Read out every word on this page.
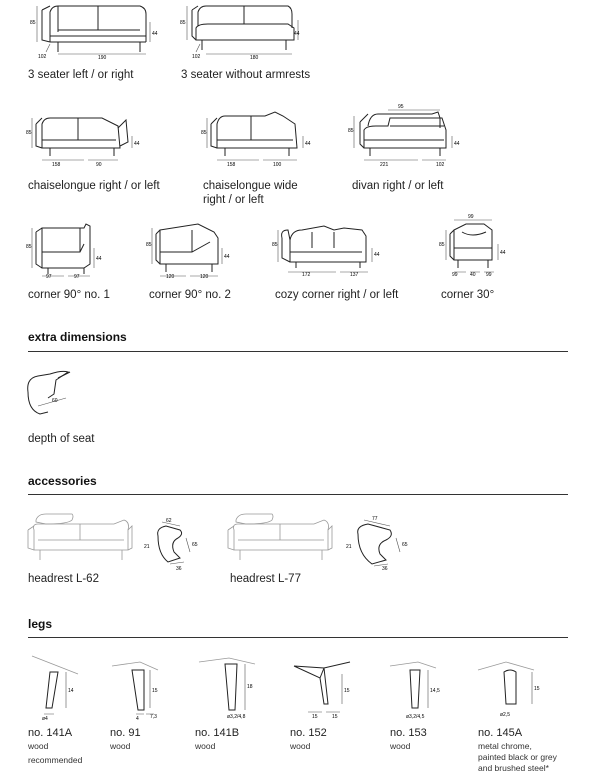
85
102	190
44
3 seater left / or right
85
102	180
44
3 seater without armrests
85
158	90
44
chaiselongue right / or left
85
158	100
44
chaiselongue wide
right / or left
95
85
221	102
44
divan right / or left
85
97	97
44
corner 90° no. 1
85
120	120
44
corner 90° no. 2
85
172	137
44
cozy corner right / or left
99
85
99 40 99
44
corner 30°
extra dimensions
60
depth of seat
accessories
62
65
21
36
headrest L-62
77
65
21
36
headrest L-77
legs
14
ø4
no. 141A
wood
recommended
15
4 7,3
no. 91
wood
18
ø3,2/4,8
no. 141B
wood
15
15	15
no. 152
wood
14,5
ø3,2/4,5
no. 153
wood
15
ø2,5
no. 145A
metal chrome,
painted black or grey
and brushed steel*
